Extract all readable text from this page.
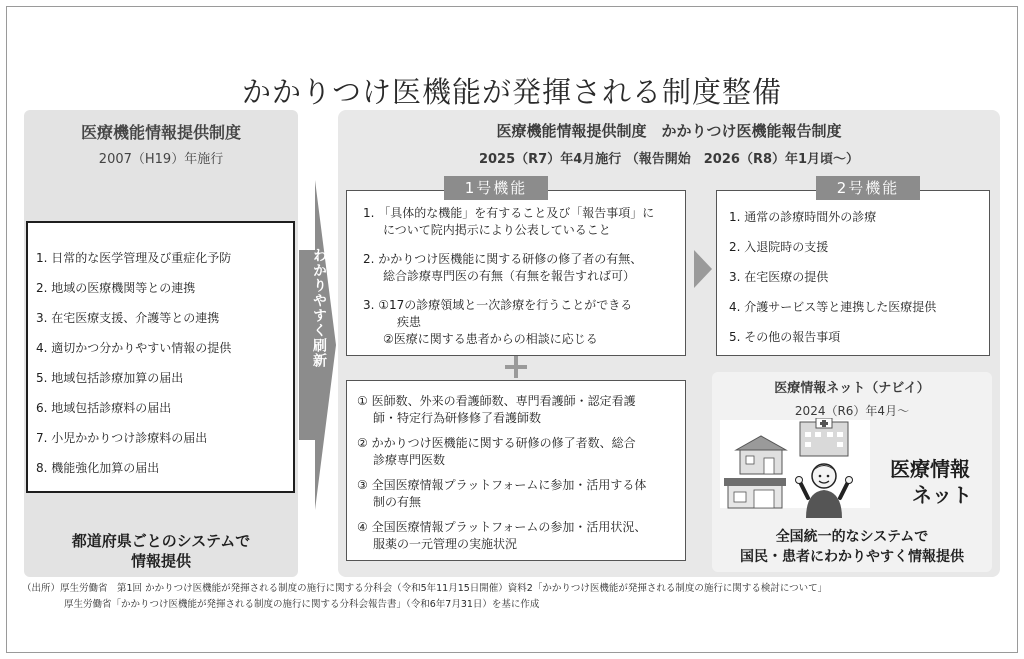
かかりつけ医機能が発揮される制度整備
医療機能情報提供制度
2007（H19）年施行
1. 日常的な医学管理及び重症化予防
2. 地域の医療機関等との連携
3. 在宅医療支援、介護等との連携
4. 適切かつ分かりやすい情報の提供
5. 地域包括診療加算の届出
6. 地域包括診療料の届出
7. 小児かかりつけ診療料の届出
8. 機能強化加算の届出
都道府県ごとのシステムで
情報提供
わかりやすく刷新
医療機能情報提供制度　かかりつけ医機能報告制度
2025（R7）年4月施行 （報告開始　2026（R8）年1月頃～）
1. 「具体的な機能」を有すること及び「報告事項」に
について院内掲示により公表していること
2. かかりつけ医機能に関する研修の修了者の有無、
総合診療専門医の有無（有無を報告すれば可）
3. ①17の診療領域と一次診療を行うことができる
疾患
②医療に関する患者からの相談に応じる
1号機能
1. 通常の診療時間外の診療
2. 入退院時の支援
3. 在宅医療の提供
4. 介護サービス等と連携した医療提供
5. その他の報告事項
2号機能
① 医師数、外来の看護師数、専門看護師・認定看護
師・特定行為研修修了看護師数
② かかりつけ医機能に関する研修の修了者数、総合
診療専門医数
③ 全国医療情報プラットフォームに参加・活用する体
制の有無
④ 全国医療情報プラットフォームの参加・活用状況、
服薬の一元管理の実施状況
医療情報ネット（ナビイ）
2024（R6）年4月～
医療情報
ネット
全国統一的なシステムで
国民・患者にわかりやすく情報提供
（出所）厚生労働省　第1回 かかりつけ医機能が発揮される制度の施行に関する分科会（令和5年11月15日開催）資料2「かかりつけ医機能が発揮される制度の施行に関する検討について」
厚生労働省「かかりつけ医機能が発揮される制度の施行に関する分科会報告書」（令和6年7月31日）を基に作成
